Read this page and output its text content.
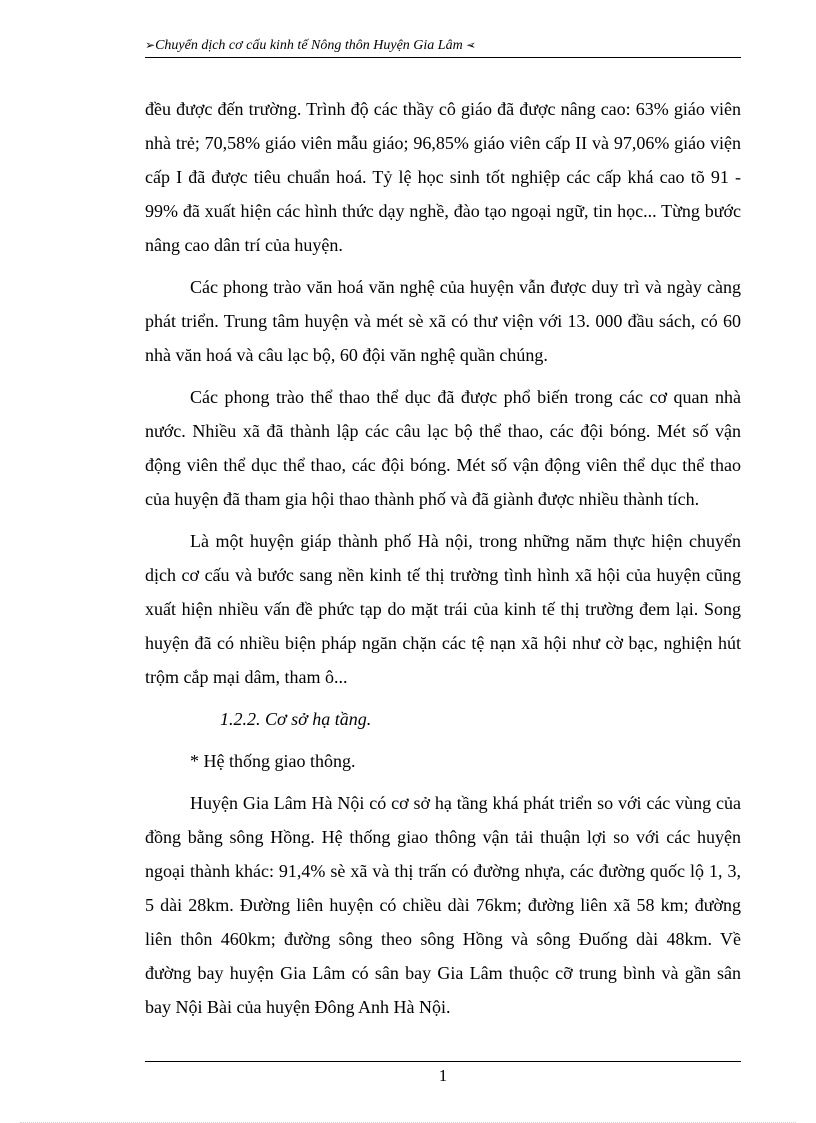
➢Chuyển dịch cơ cấu kinh tế Nông thôn Huyện Gia Lâm ➢

đều được đến trường. Trình độ các thầy cô giáo đã được nâng cao: 63% giáo viên nhà trẻ; 70,58% giáo viên mẫu giáo; 96,85% giáo viên cấp II và 97,06% giáo viện cấp I đã được tiêu chuẩn hoá. Tỷ lệ học sinh tốt nghiệp các cấp khá cao tõ 91 - 99% đã xuất hiện các hình thức dạy nghề, đào tạo ngoại ngữ, tin học... Từng bước nâng cao dân trí của huyện.

Các phong trào văn hoá văn nghệ của huyện vẫn được duy trì và ngày càng phát triển. Trung tâm huyện và mét sè xã có thư viện với 13. 000 đầu sách, có 60 nhà văn hoá và câu lạc bộ, 60 đội văn nghệ quần chúng.

Các phong trào thể thao thể dục đã được phổ biến trong các cơ quan nhà nước. Nhiều xã đã thành lập các câu lạc bộ thể thao, các đội bóng. Mét số vận động viên thể dục thể thao, các đội bóng. Mét số vận động viên thể dục thể thao của huyện đã tham gia hội thao thành phố và đã giành được nhiều thành tích.

Là một huyện giáp thành phố Hà nội, trong những năm thực hiện chuyển dịch cơ cấu và bước sang nền kinh tế thị trường tình hình xã hội của huyện cũng xuất hiện nhiều vấn đề phức tạp do mặt trái của kinh tế thị trường đem lại. Song huyện đã có nhiều biện pháp ngăn chặn các tệ nạn xã hội như cờ bạc, nghiện hút trộm cắp mại dâm, tham ô...

1.2.2. Cơ sở hạ tầng.

* Hệ thống giao thông.

Huyện Gia Lâm Hà Nội có cơ sở hạ tầng khá phát triển so với các vùng của đồng bằng sông Hồng. Hệ thống giao thông vận tải thuận lợi so với các huyện ngoại thành khác: 91,4% sè xã và thị trấn có đường nhựa, các đường quốc lộ 1, 3, 5 dài 28km. Đường liên huyện có chiều dài 76km; đường liên xã 58 km; đường liên thôn 460km; đường sông theo sông Hồng và sông Đuống dài 48km. Về đường bay huyện Gia Lâm có sân bay Gia Lâm thuộc cỡ trung bình và gần sân bay Nội Bài của huyện Đông Anh Hà Nội.

1
